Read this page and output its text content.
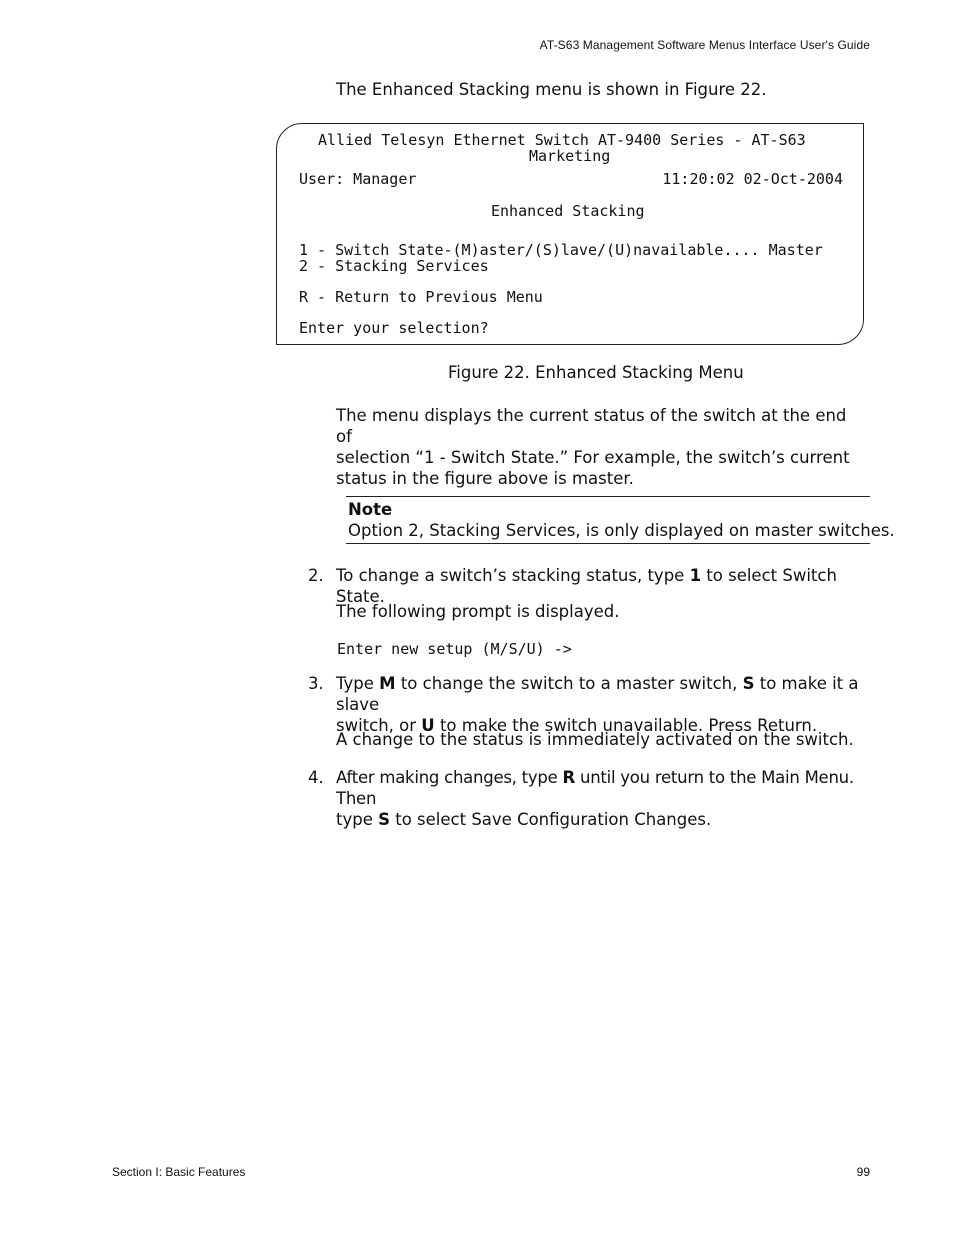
AT-S63 Management Software Menus Interface User's Guide
The Enhanced Stacking menu is shown in Figure 22.
Allied Telesyn Ethernet Switch AT-9400 Series - AT-S63
Marketing
User: Manager	11:20:02 02-Oct-2004
Enhanced Stacking
1 - Switch State-(M)aster/(S)lave/(U)navailable.... Master
2 - Stacking Services
R - Return to Previous Menu
Enter your selection?
Figure 22. Enhanced Stacking Menu
The menu displays the current status of the switch at the end of
selection “1 - Switch State.” For example, the switch’s current
status in the figure above is master.
Note
Option 2, Stacking Services, is only displayed on master switches.
2. To change a switch’s stacking status, type 1 to select Switch State.
The following prompt is displayed.
Enter new setup (M/S/U) ->
3. Type M to change the switch to a master switch, S to make it a slave
switch, or U to make the switch unavailable. Press Return.
A change to the status is immediately activated on the switch.
4. After making changes, type R until you return to the Main Menu. Then
type S to select Save Configuration Changes.
Section I: Basic Features	99
